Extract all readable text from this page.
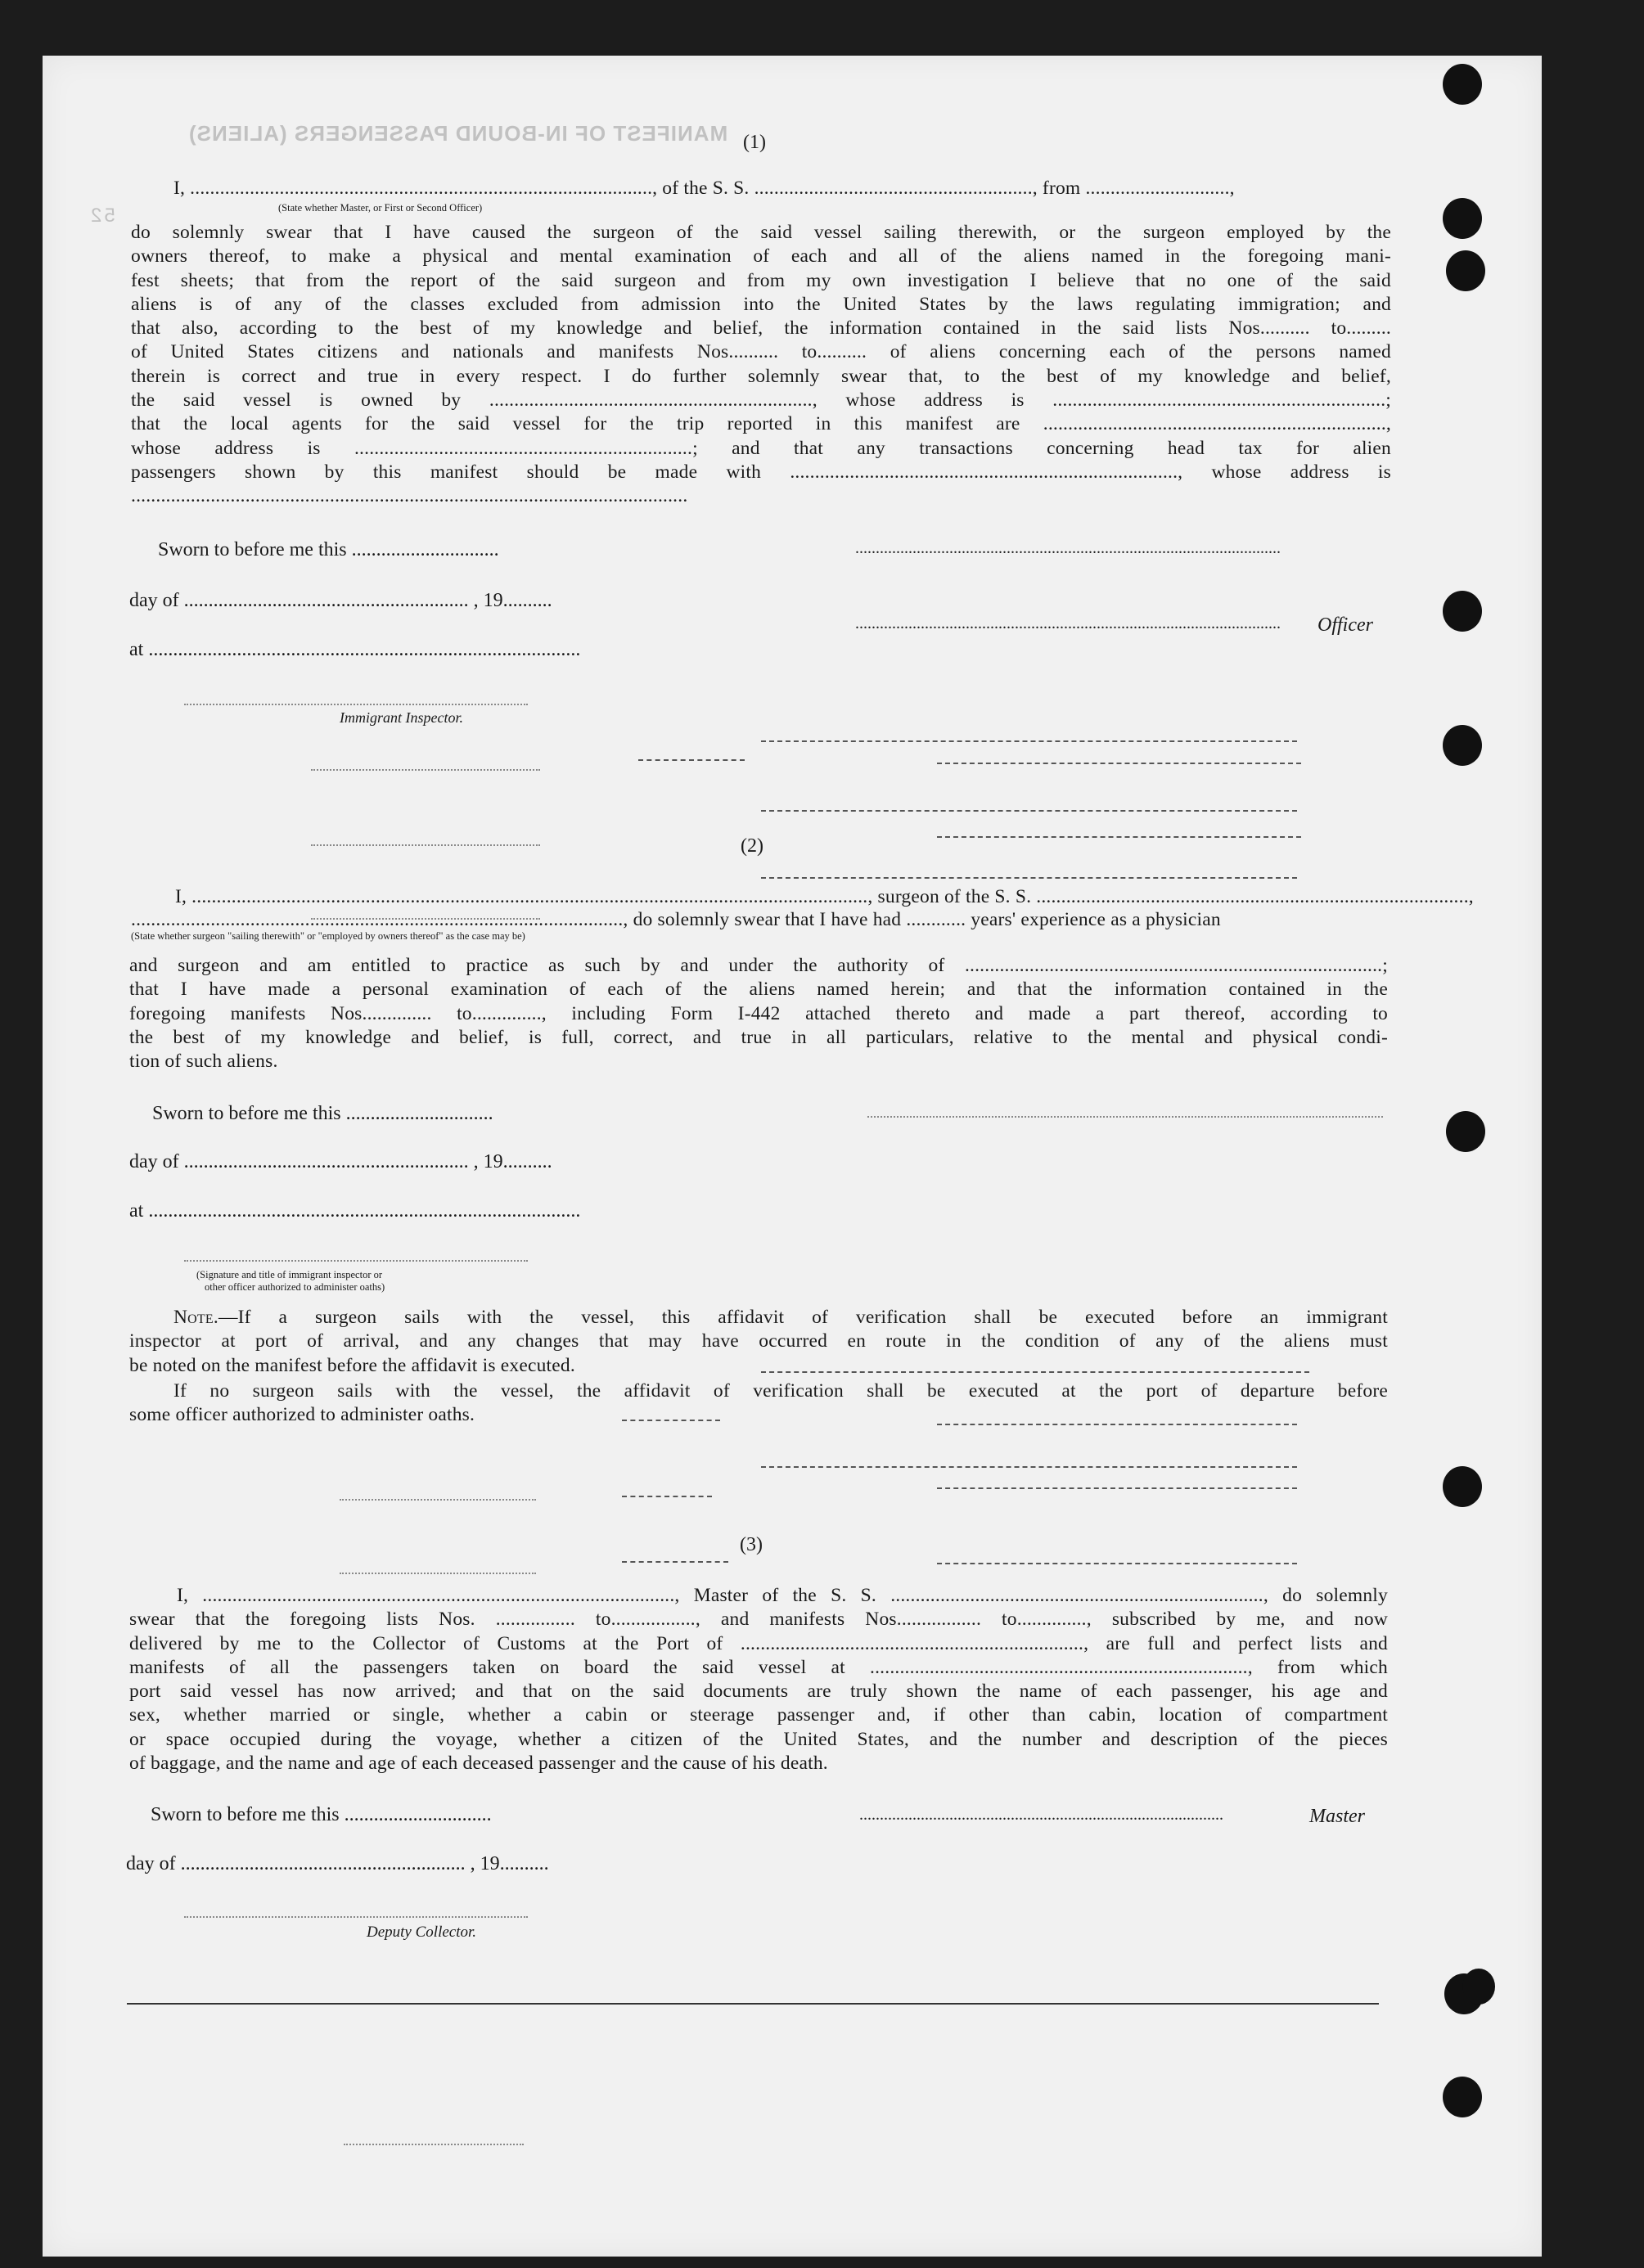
MANIFEST OF IN-BOUND PASSENGERS (ALIENS)
52
(1)
I, ............................................................................................., of the S. S. ........................................................, from .............................,
(State whether Master, or First or Second Officer)
do solemnly swear that I have caused the surgeon of the said vessel sailing therewith, or the surgeon employed by the
owners thereof, to make a physical and mental examination of each and all of the aliens named in the foregoing mani-
fest sheets; that from the report of the said surgeon and from my own investigation I believe that no one of the said
aliens is of any of the classes excluded from admission into the United States by the laws regulating immigration; and
that also, according to the best of my knowledge and belief, the information contained in the said lists Nos.......... to.........
of United States citizens and nationals and manifests Nos.......... to.......... of aliens concerning each of the persons named
therein is correct and true in every respect. I do further solemnly swear that, to the best of my knowledge and belief,
the said vessel is owned by ................................................................., whose address is ...................................................................;
that the local agents for the said vessel for the trip reported in this manifest are .....................................................................,
whose address is ....................................................................; and that any transactions concerning head tax for alien
passengers shown by this manifest should be made with .............................................................................., whose address is
................................................................................................................
Sworn to before me this ..............................	........................................................................................................
day of .......................................................... , 19..........
........................................................................................................ Officer
at ........................................................................................
Immigrant Inspector.
(2)
I, ........................................................................................................................................, surgeon of the S. S. .......................................................................................,
..................................................................................................., do solemnly swear that I have had ............ years' experience as a physician
(State whether surgeon "sailing therewith" or "employed by owners thereof" as the case may be)
and surgeon and am entitled to practice as such by and under the authority of ....................................................................................;
that I have made a personal examination of each of the aliens named herein; and that the information contained in the
foregoing manifests Nos.............. to.............., including Form I-442 attached thereto and made a part thereof, according to
the best of my knowledge and belief, is full, correct, and true in all particulars, relative to the mental and physical condi-
tion of such aliens.
Sworn to before me this ..............................
day of .......................................................... , 19..........
at ........................................................................................
(Signature and title of immigrant inspector or
other officer authorized to administer oaths)
Note.—If a surgeon sails with the vessel, this affidavit of verification shall be executed before an immigrant
inspector at port of arrival, and any changes that may have occurred en route in the condition of any of the aliens must
be noted on the manifest before the affidavit is executed.
If no surgeon sails with the vessel, the affidavit of verification shall be executed at the port of departure before
some officer authorized to administer oaths.
(3)
I, ..............................................................................................., Master of the S. S. ..........................................................................., do solemnly
swear that the foregoing lists Nos. ................ to................., and manifests Nos................. to.............., subscribed by me, and now
delivered by me to the Collector of Customs at the Port of ....................................................................., are full and perfect lists and
manifests of all the passengers taken on board the said vessel at ............................................................................, from which
port said vessel has now arrived; and that on the said documents are truly shown the name of each passenger, his age and
sex, whether married or single, whether a cabin or steerage passenger and, if other than cabin, location of compartment
or space occupied during the voyage, whether a citizen of the United States, and the number and description of the pieces
of baggage, and the name and age of each deceased passenger and the cause of his death.
Sworn to before me this ..............................	.........................................................................................	Master
day of .......................................................... , 19..........
Deputy Collector.
